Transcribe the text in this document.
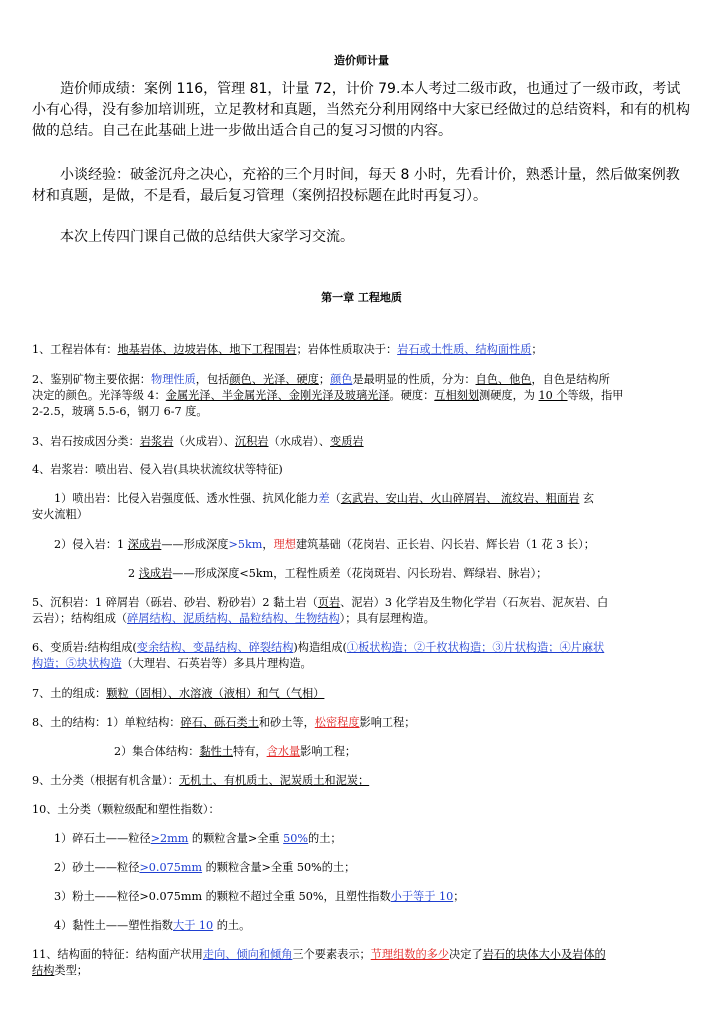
造价师计量
造价师成绩：案例 116，管理 81，计量 72，计价 79.本人考过二级市政，也通过了一级市政，考试小有心得，没有参加培训班，立足教材和真题，当然充分利用网络中大家已经做过的总结资料，和有的机构做的总结。自己在此基础上进一步做出适合自己的复习习惯的内容。
小谈经验：破釜沉舟之决心，充裕的三个月时间，每天 8 小时，先看计价，熟悉计量，然后做案例教材和真题，是做，不是看，最后复习管理（案例招投标题在此时再复习）。
本次上传四门课自己做的总结供大家学习交流。
第一章 工程地质
1、工程岩体有：地基岩体、边坡岩体、地下工程围岩；岩体性质取决于：岩石或土性质、结构面性质；
2、鉴别矿物主要依据：物理性质，包括颜色、光泽、硬度；颜色是最明显的性质，分为：自色、他色，自色是结构所
决定的颜色。光泽等级 4：金属光泽、半金属光泽、金刚光泽及玻璃光泽。硬度：互相刻划测硬度，为 10 个等级，指甲
2-2.5，玻璃 5.5-6，钢刀 6-7 度。
3、岩石按成因分类：岩浆岩（火成岩）、沉积岩（水成岩）、变质岩
4、岩浆岩：喷出岩、侵入岩(具块状流纹状等特征)
1）喷出岩：比侵入岩强度低、透水性强、抗风化能力差（玄武岩、安山岩、火山碎屑岩、 流纹岩、粗面岩 玄
安火流粗）
2）侵入岩：1 深成岩——形成深度>5km，理想建筑基础（花岗岩、正长岩、闪长岩、辉长岩（1 花 3 长）；
2 浅成岩——形成深度<5km，工程性质差（花岗斑岩、闪长玢岩、辉绿岩、脉岩）；
5、沉积岩：1 碎屑岩（砾岩、砂岩、粉砂岩）2 黏土岩（页岩、泥岩）3 化学岩及生物化学岩（石灰岩、泥灰岩、白
云岩）；结构组成（碎屑结构、泥质结构、晶粒结构、生物结构）；具有层理构造。
6、变质岩:结构组成(变余结构、变晶结构、碎裂结构)构造组成(①板状构造；②千枚状构造；③片状构造；④片麻状
构造；⑤块状构造（大理岩、石英岩等）多具片理构造。
7、土的组成：颗粒（固相）、水溶液（液相）和气（气相）
8、土的结构：1）单粒结构：碎石、砾石类土和砂土等，松密程度影响工程；
2）集合体结构：黏性土特有，含水量影响工程；
9、土分类（根据有机含量）：无机土、有机质土、泥炭质土和泥炭；
10、土分类（颗粒级配和塑性指数）：
1）碎石土——粒径>2mm 的颗粒含量>全重 50%的土；
2）砂土——粒径>0.075mm 的颗粒含量>全重 50%的土；
3）粉土——粒径>0.075mm 的颗粒不超过全重 50%，且塑性指数小于等于 10；
4）黏性土——塑性指数大于 10 的土。
11、结构面的特征：结构面产状用走向、倾向和倾角三个要素表示；节理组数的多少决定了岩石的块体大小及岩体的
结构类型；
